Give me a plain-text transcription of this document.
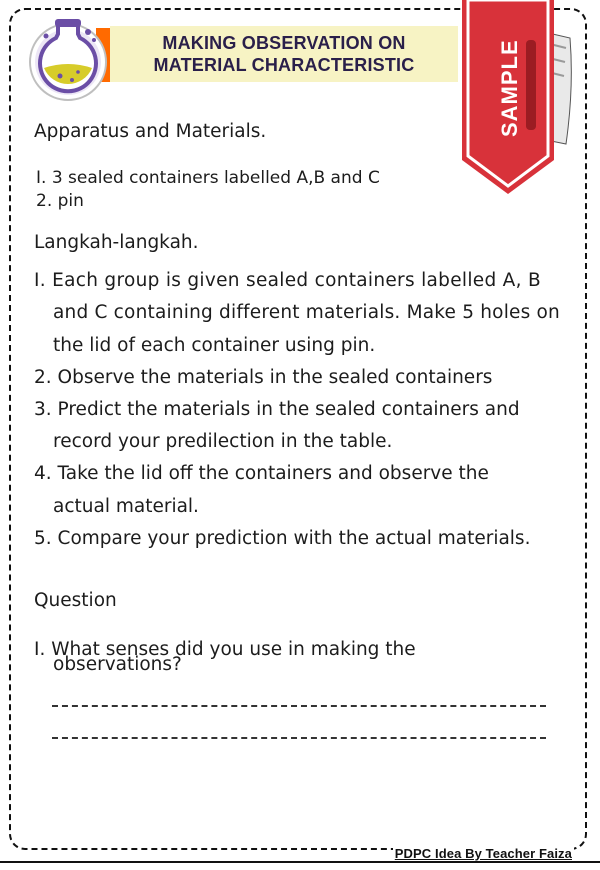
MAKING OBSERVATION ON
MATERIAL CHARACTERISTIC	SAMPLE
Apparatus and Materials.
I. 3 sealed containers labelled A,B and C
2. pin
Langkah-langkah.
I. Each group is given sealed containers labelled A, B
and C containing different materials. Make 5 holes on
the lid of each container using pin.
2. Observe the materials in the sealed containers
3. Predict the materials in the sealed containers and
record your predilection in the table.
4. Take the lid off the containers and observe the
actual material.
5. Compare your prediction with the actual materials.
Question
I. What senses did you use in making the
observations?
PDPC Idea By Teacher Faiza
